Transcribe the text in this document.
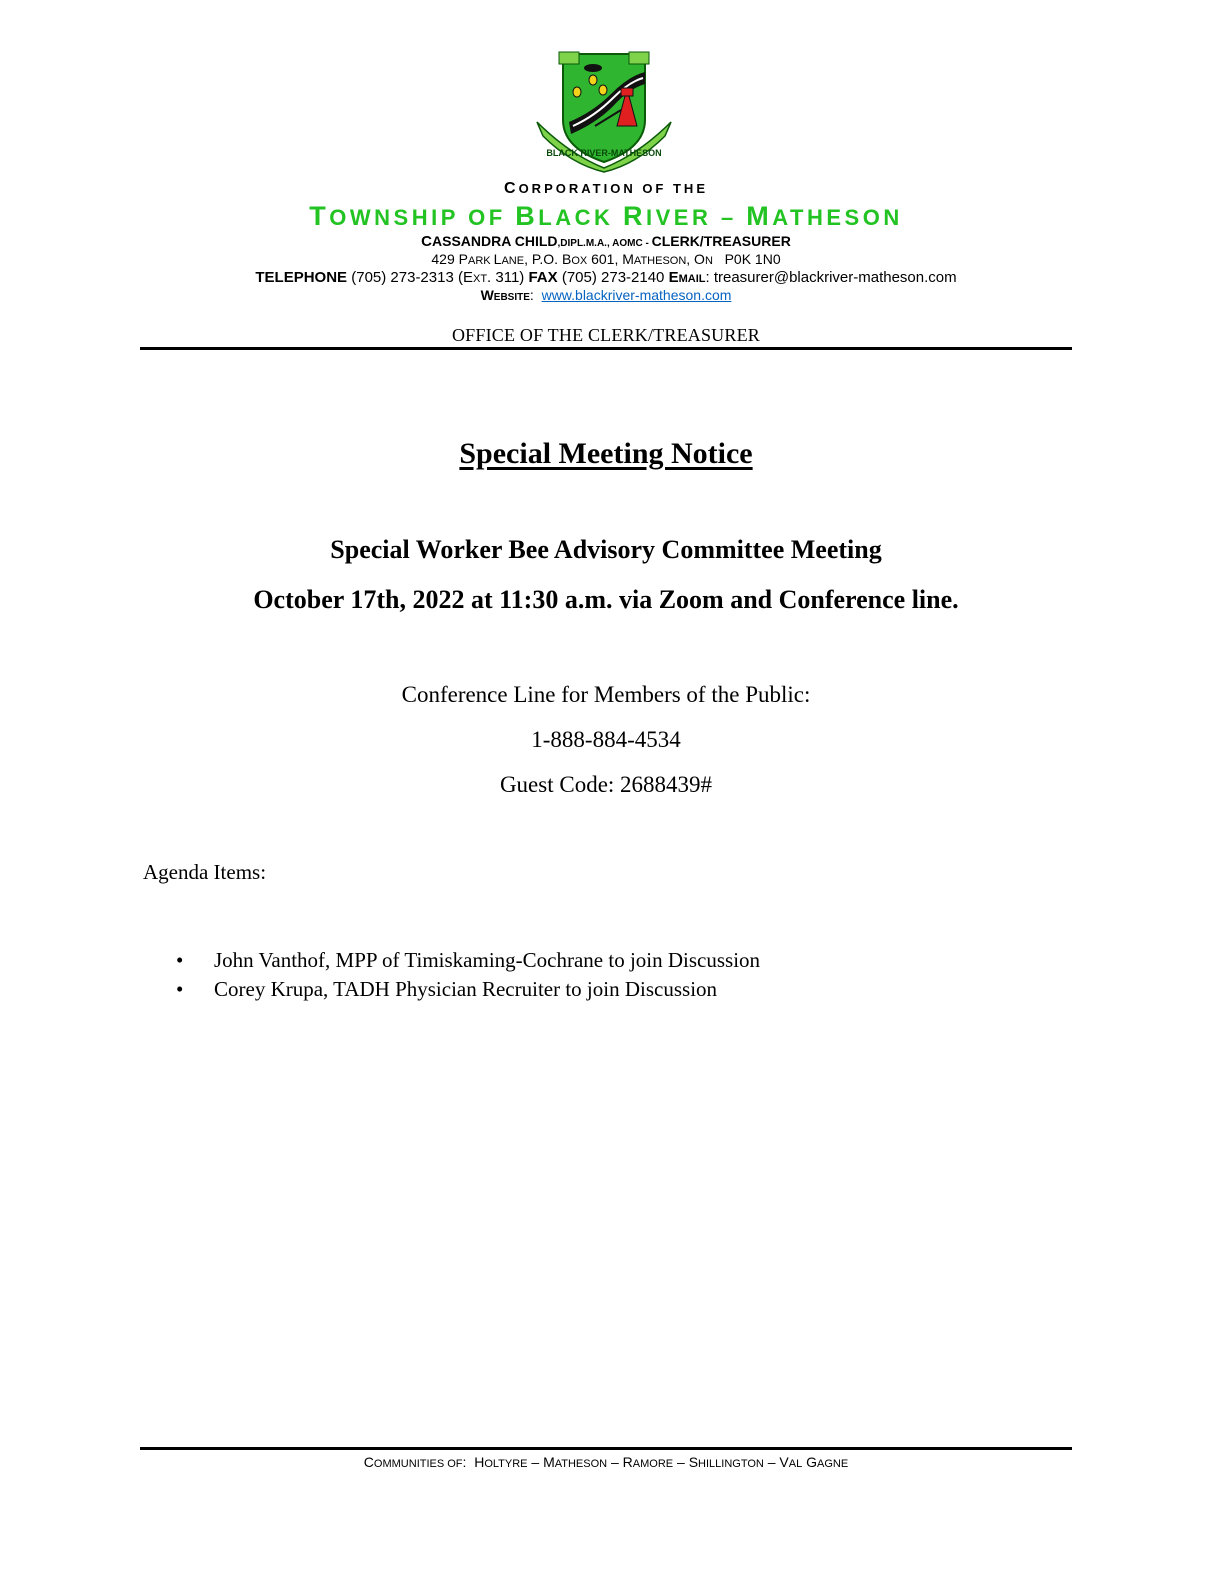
BLACK RIVER-MATHESON
CORPORATION OF THE
TOWNSHIP OF BLACK RIVER – MATHESON
CASSANDRA CHILD,DIPL.M.A., AOMC - CLERK/TREASURER
429 PARK LANE, P.O. BOX 601, MATHESON, ON   P0K 1N0
TELEPHONE (705) 273-2313 (EXT. 311) FAX (705) 273-2140 EMAIL: treasurer@blackriver-matheson.com
WEBSITE:  www.blackriver-matheson.com
OFFICE OF THE CLERK/TREASURER
Special Meeting Notice
Special Worker Bee Advisory Committee Meeting
October 17th, 2022 at 11:30 a.m. via Zoom and Conference line.
Conference Line for Members of the Public:
1-888-884-4534
Guest Code: 2688439#
Agenda Items:
• John Vanthof, MPP of Timiskaming-Cochrane to join Discussion
• Corey Krupa, TADH Physician Recruiter to join Discussion
COMMUNITIES OF:  HOLTYRE – MATHESON – RAMORE – SHILLINGTON – VAL GAGNE
